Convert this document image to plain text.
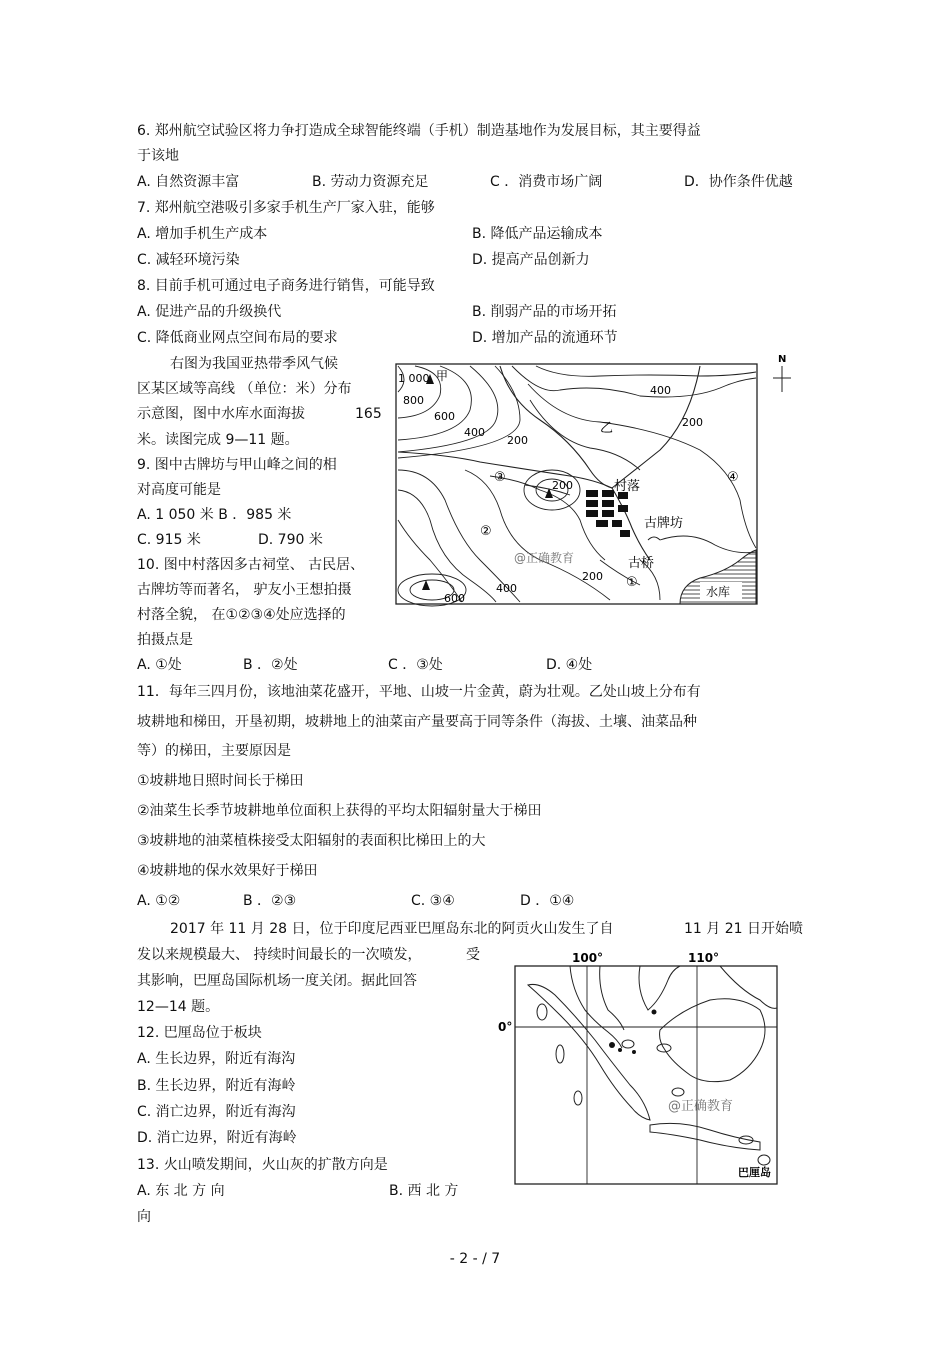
6. 郑州航空试验区将力争打造成全球智能终端（手机）制造基地作为发展目标，其主要得益
于该地
A. 自然资源丰富	B. 劳动力资源充足	C ．消费市场广阔	D．协作条件优越
7. 郑州航空港吸引多家手机生产厂家入驻，能够
A. 增加手机生产成本	B. 降低产品运输成本
C. 减轻环境污染	D. 提高产品创新力
8. 目前手机可通过电子商务进行销售，可能导致
A. 促进产品的升级换代	B. 削弱产品的市场开拓
C. 降低商业网点空间布局的要求	D. 增加产品的流通环节
右图为我国亚热带季风气候
区某区域等高线 （单位：米）分布
示意图，图中水库水面海拔	165
米。读图完成 9—11 题。
9. 图中古牌坊与甲山峰之间的相
对高度可能是
A. 1 050 米 B ．985 米
C. 915 米	D. 790 米
10. 图中村落因多古祠堂、 古民居、
古牌坊等而著名， 驴友小王想拍摄
村落全貌， 在①②③④处应选择的
拍摄点是
A. ①处	B ．②处	C ．③处	D. ④处
11．每年三四月份，该地油菜花盛开，平地、山坡一片金黄，蔚为壮观。乙处山坡上分布有
坡耕地和梯田，开垦初期，坡耕地上的油菜亩产量要高于同等条件（海拔、土壤、油菜品种
等）的梯田，主要原因是
①坡耕地日照时间长于梯田
②油菜生长季节坡耕地单位面积上获得的平均太阳辐射量大于梯田
③坡耕地的油菜植株接受太阳辐射的表面积比梯田上的大
④坡耕地的保水效果好于梯田
A. ①②	B ．②③	C. ③④	D ．①④
2017 年 11 月 28 日，位于印度尼西亚巴厘岛东北的阿贡火山发生了自	11 月 21 日开始喷
发以来规模最大、 持续时间最长的一次喷发，	受
其影响，巴厘岛国际机场一度关闭。据此回答
12—14 题。
12. 巴厘岛位于板块
A. 生长边界，附近有海沟
B. 生长边界，附近有海岭
C. 消亡边界，附近有海沟
D. 消亡边界，附近有海岭
13. 火山喷发期间，火山灰的扩散方向是
A. 东 北 方 向	B. 西 北 方
向
N
1 000 甲
800
600
400
200
400
200
乙
③
②
④
①
200	村落
古牌坊
古桥
@正确教育
200
400
600	水库
100°	110°
0°
@正确教育
巴厘岛
- 2 - / 7
